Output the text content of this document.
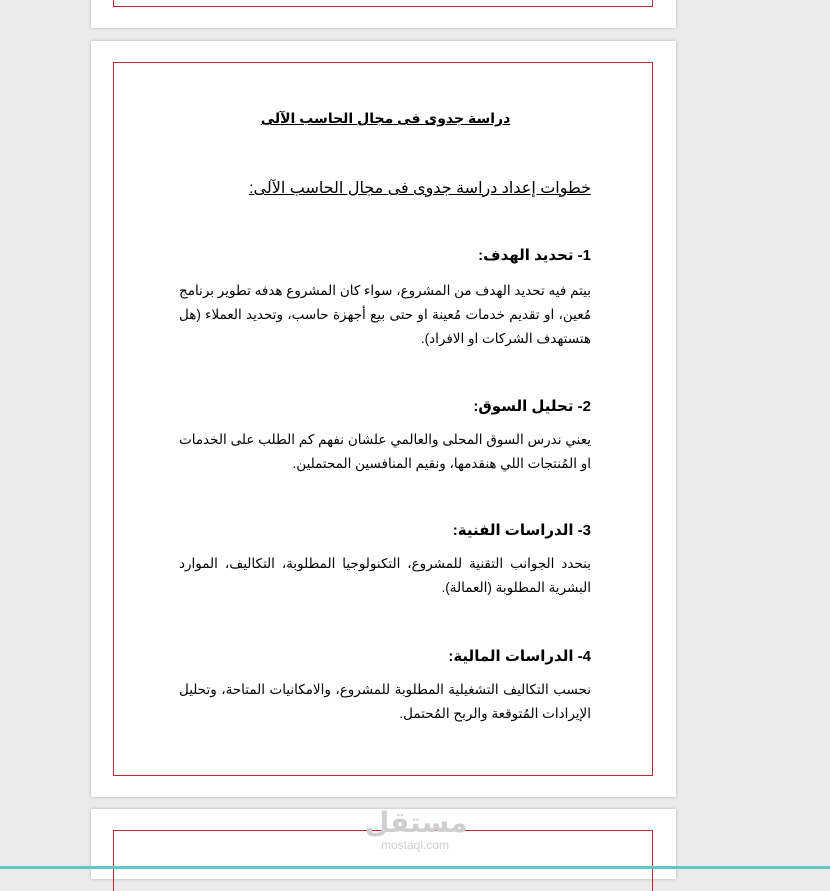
دراسة جدوى فى مجال الحاسب الآلى
خطوات إعداد دراسة جدوى فى مجال الحاسب الآلى:
1- تحديد الهدف:
بيتم فيه تحديد الهدف من المشروع، سواء كان المشروع هدفه تطوير برنامج مُعين، او تقديم خدمات مُعينة او حتى بيع أجهزة حاسب، وتحديد العملاء (هل هتستهدف الشركات او الافراد).
2- تحليل السوق:
يعني ندرس السوق المحلى والعالمي علشان نفهم كم الطلب على الخدمات او المُنتجات اللي هنقدمها، ونقيم المنافسين المحتملين.
3- الدراسات الفنية:
بنحدد الجوانب التقنية للمشروع، التكنولوجيا المطلوبة، التكاليف، الموارد البشرية المطلوبة (العمالة).
4- الدراسات المالية:
نحسب التكاليف التشغيلية المطلوبة للمشروع، والامكانيات المتاحة، وتحليل الإيرادات المُتوقعة والربح المُحتمل.
مستقل
mostaql.com
